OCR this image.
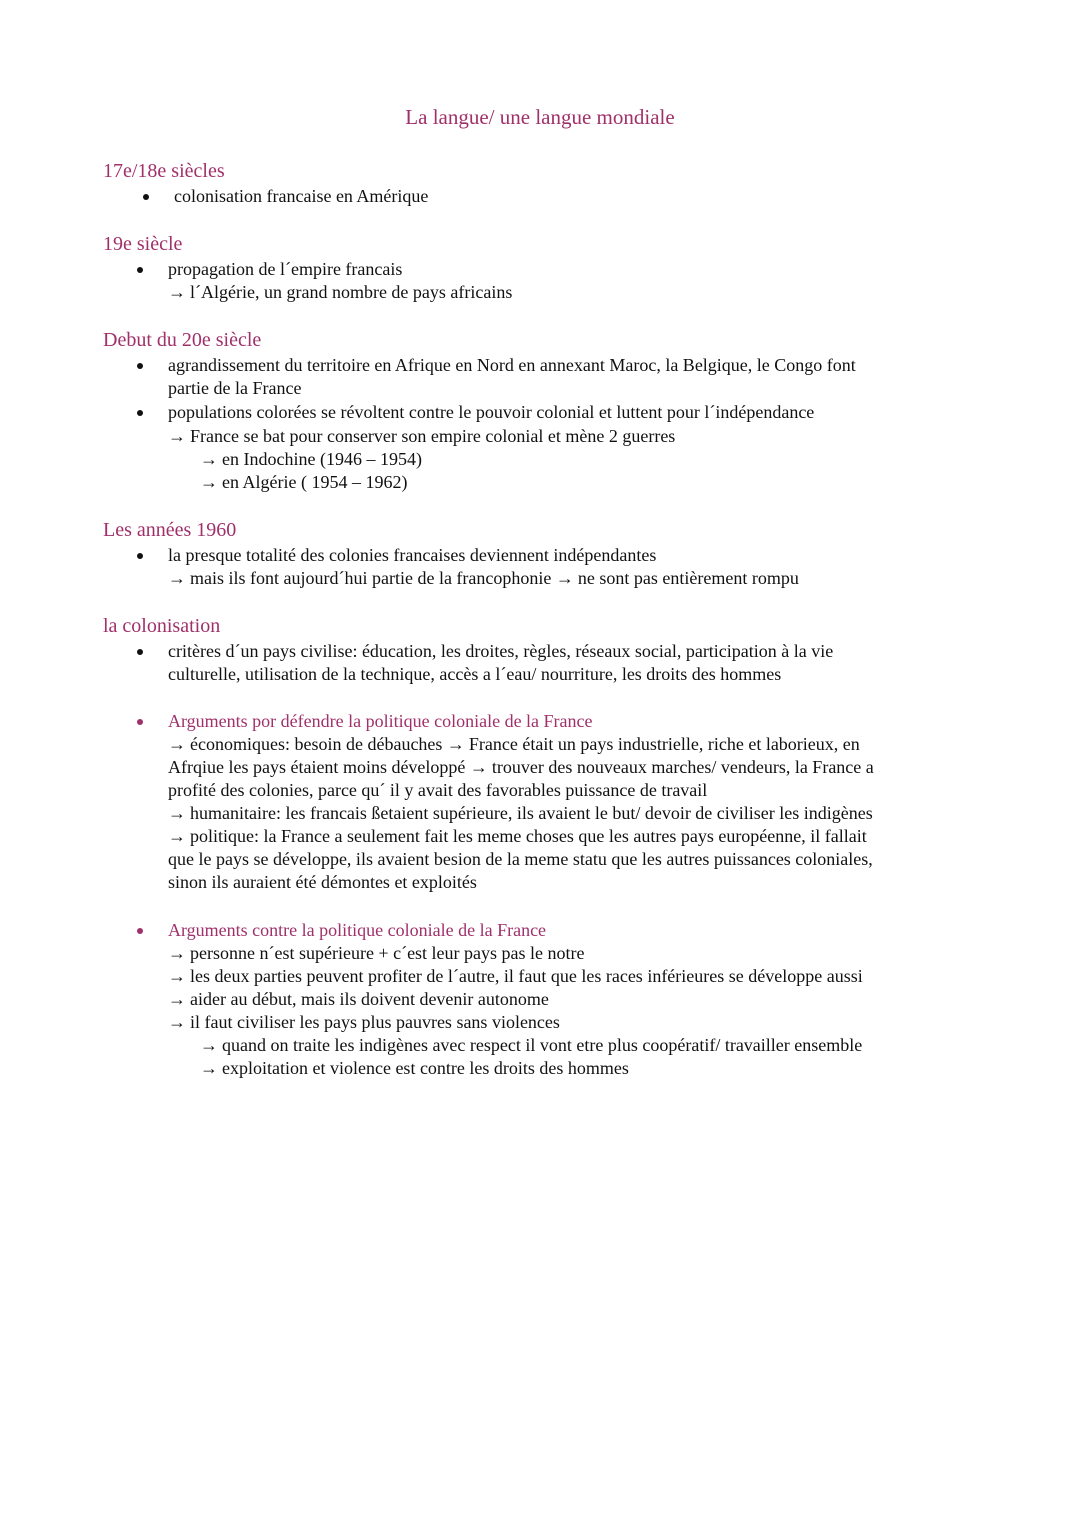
La langue/ une langue mondiale
17e/18e siècles
colonisation francaise en Amérique
19e siècle
propagation de l´empire francais
→ l´Algérie, un grand nombre de pays africains
Debut du 20e siècle
agrandissement du territoire en Afrique en Nord en annexant Maroc, la Belgique, le Congo font
partie de la France
populations colorées se révoltent contre le pouvoir colonial et luttent pour l´indépendance
→ France se bat pour conserver son empire colonial et mène 2 guerres
→ en Indochine (1946 – 1954)
→ en Algérie ( 1954 – 1962)
Les années 1960
la presque totalité des colonies francaises deviennent indépendantes
→ mais ils font aujourd´hui partie de la francophonie → ne sont pas entièrement rompu
la colonisation
critères d´un pays civilise: éducation, les droites, règles, réseaux social, participation à la vie
culturelle, utilisation de la technique, accès a l´eau/ nourriture, les droits des hommes
Arguments por défendre la politique coloniale de la France
→ économiques: besoin de débauches → France était un pays industrielle, riche et laborieux, en
Afrqiue les pays étaient moins développé → trouver des nouveaux marches/ vendeurs, la France a
profité des colonies, parce qu´ il y avait des favorables puissance de travail
→ humanitaire: les francais ßetaient supérieure, ils avaient le but/ devoir de civiliser les indigènes
→ politique: la France a seulement fait les meme choses que les autres pays européenne, il fallait
que le pays se développe, ils avaient besion de la meme statu que les autres puissances coloniales,
sinon ils auraient été démontes et exploités
Arguments contre la politique coloniale de la France
→ personne n´est supérieure + c´est leur pays pas le notre
→ les deux parties peuvent profiter de l´autre, il faut que les races inférieures se développe aussi
→ aider au début, mais ils doivent devenir autonome
→ il faut civiliser les pays plus pauvres sans violences
→ quand on traite les indigènes avec respect il vont etre plus coopératif/ travailler ensemble
→ exploitation et violence est contre les droits des hommes
